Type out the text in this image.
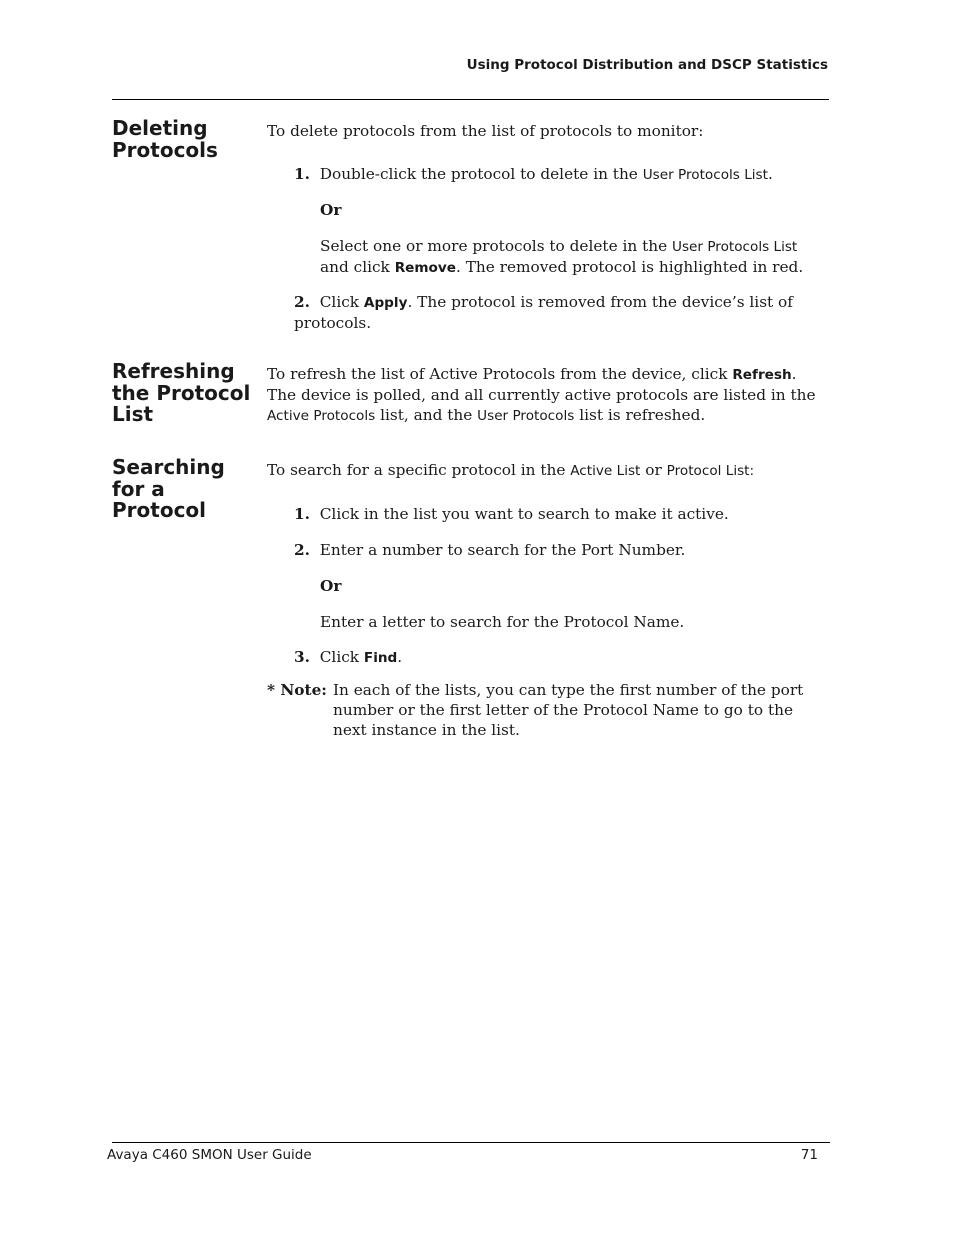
Using Protocol Distribution and DSCP Statistics
Deleting Protocols
To delete protocols from the list of protocols to monitor:
1. Double-click the protocol to delete in the User Protocols List.
Or
Select one or more protocols to delete in the User Protocols List and click Remove. The removed protocol is highlighted in red.
2. Click Apply. The protocol is removed from the device’s list of protocols.
Refreshing the Protocol List
To refresh the list of Active Protocols from the device, click Refresh. The device is polled, and all currently active protocols are listed in the Active Protocols list, and the User Protocols list is refreshed.
Searching for a Protocol
To search for a specific protocol in the Active List or Protocol List:
1. Click in the list you want to search to make it active.
2. Enter a number to search for the Port Number.
Or
Enter a letter to search for the Protocol Name.
3. Click Find.
* Note: In each of the lists, you can type the first number of the port number or the first letter of the Protocol Name to go to the next instance in the list.
Avaya C460 SMON User Guide	71
